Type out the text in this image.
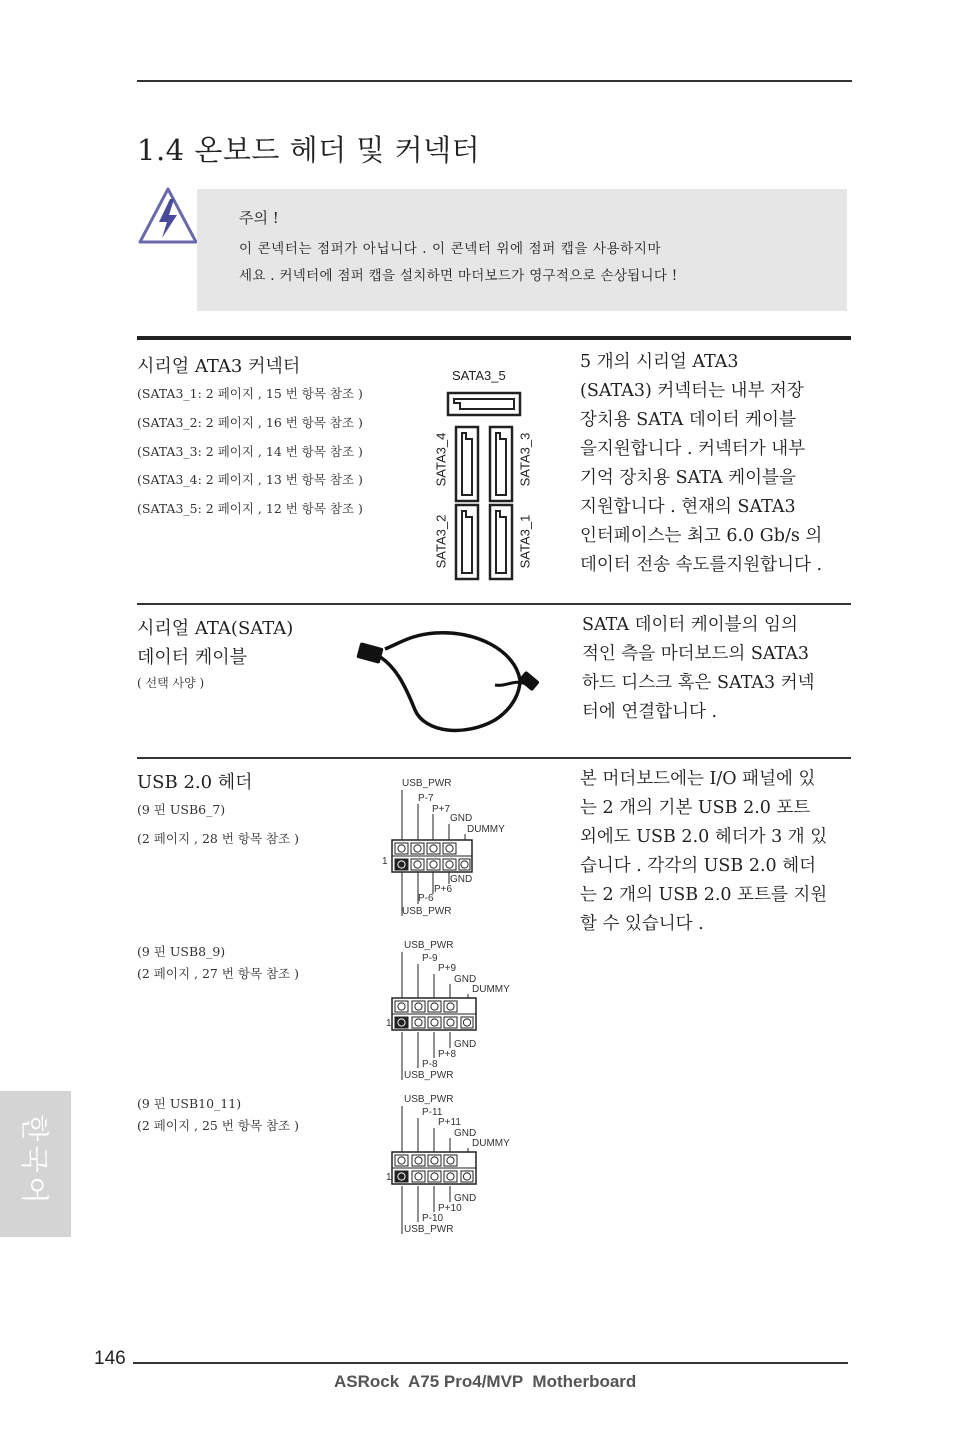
1.4 온보드 헤더 및 커넥터
주의 !
이 콘넥터는 점퍼가 아닙니다 . 이 콘넥터 위에 점퍼 캡을 사용하지마
세요 . 커넥터에 점퍼 캡을 설치하면 마더보드가 영구적으로 손상됩니다 !
시리얼 ATA3 커넥터
(SATA3_1: 2 페이지 , 15 번 항목 참조 )
(SATA3_2: 2 페이지 , 16 번 항목 참조 )
(SATA3_3: 2 페이지 , 14 번 항목 참조 )
(SATA3_4: 2 페이지 , 13 번 항목 참조 )
(SATA3_5: 2 페이지 , 12 번 항목 참조 )
SATA3_5
SATA3_4	SATA3_3
SATA3_2	SATA3_1
5 개의 시리얼 ATA3
(SATA3) 커넥터는 내부 저장
장치용 SATA 데이터 케이블
을지원합니다 . 커넥터가 내부
기억 장치용 SATA 케이블을
지원합니다 . 현재의 SATA3
인터페이스는 최고 6.0 Gb/s 의
데이터 전송 속도를지원합니다 .
시리얼 ATA(SATA)
데이터 케이블
( 선택 사양 )
SATA 데이터 케이블의 임의
적인 측을 마더보드의 SATA3
하드 디스크 혹은 SATA3 커넥
터에 연결합니다 .
USB 2.0 헤더	본 머더보드에는 I/O 패널에 있
는 2 개의 기본 USB 2.0 포트
외에도 USB 2.0 헤더가 3 개 있
습니다 . 각각의 USB 2.0 헤더
는 2 개의 USB 2.0 포트를 지원
할 수 있습니다 .
(9 핀 USB6_7)
(2 페이지 , 28 번 항목 참조 )
USB_PWR
P-7
P+7
GND
DUMMY
1
GND
P+6
P-6
USB_PWR
(9 핀 USB8_9)
(2 페이지 , 27 번 항목 참조 )
USB_PWR
P-9
P+9
GND
DUMMY
1
GND
P+8
P-8
USB_PWR
(9 핀 USB10_11)
(2 페이지 , 25 번 항목 참조 )
USB_PWR
P-11
P+11
GND
DUMMY
1
GND
P+10
P-10
USB_PWR
한국어
146
ASRock  A75 Pro4/MVP  Motherboard
